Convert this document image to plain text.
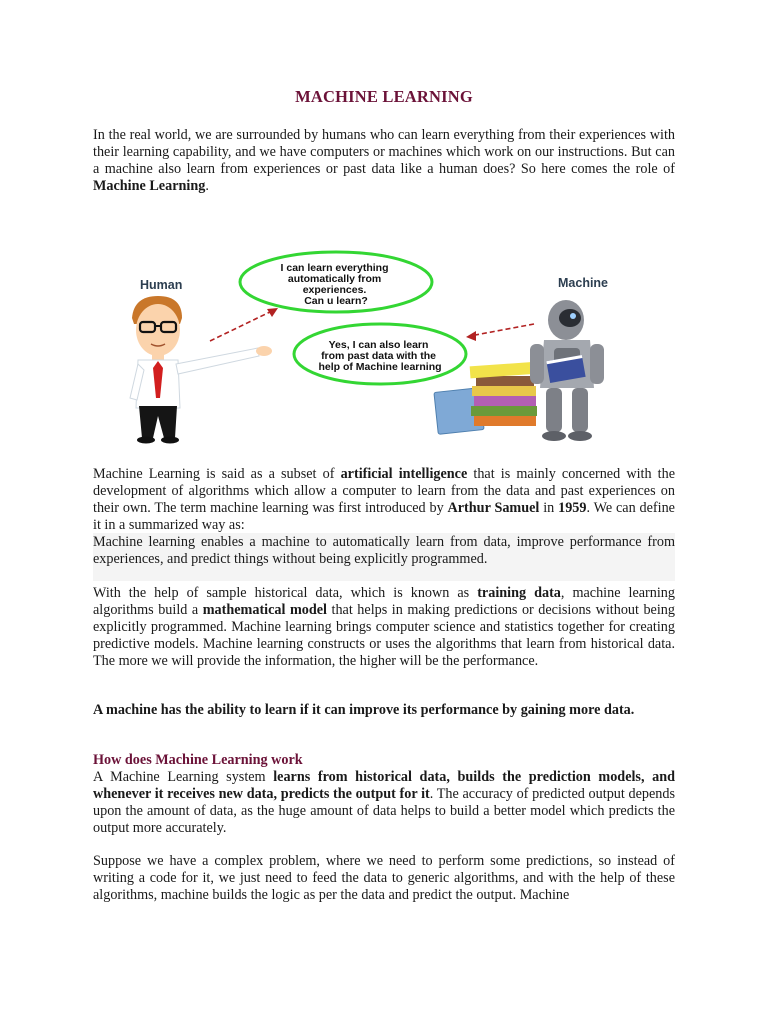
MACHINE LEARNING

In the real world, we are surrounded by humans who can learn everything from their experiences with their learning capability, and we have computers or machines which work on our instructions. But can a machine also learn from experiences or past data like a human does? So here comes the role of Machine Learning.

Human	Machine
I can learn everything automatically from experiences. Can u learn?
Yes, I can also learn from past data with the help of Machine learning

Machine Learning is said as a subset of artificial intelligence that is mainly concerned with the development of algorithms which allow a computer to learn from the data and past experiences on their own. The term machine learning was first introduced by Arthur Samuel in 1959. We can define it in a summarized way as:

Machine learning enables a machine to automatically learn from data, improve performance from experiences, and predict things without being explicitly programmed.

With the help of sample historical data, which is known as training data, machine learning algorithms build a mathematical model that helps in making predictions or decisions without being explicitly programmed. Machine learning brings computer science and statistics together for creating predictive models. Machine learning constructs or uses the algorithms that learn from historical data. The more we will provide the information, the higher will be the performance.

A machine has the ability to learn if it can improve its performance by gaining more data.

How does Machine Learning work

A Machine Learning system learns from historical data, builds the prediction models, and whenever it receives new data, predicts the output for it. The accuracy of predicted output depends upon the amount of data, as the huge amount of data helps to build a better model which predicts the output more accurately.

Suppose we have a complex problem, where we need to perform some predictions, so instead of writing a code for it, we just need to feed the data to generic algorithms, and with the help of these algorithms, machine builds the logic as per the data and predict the output. Machine
